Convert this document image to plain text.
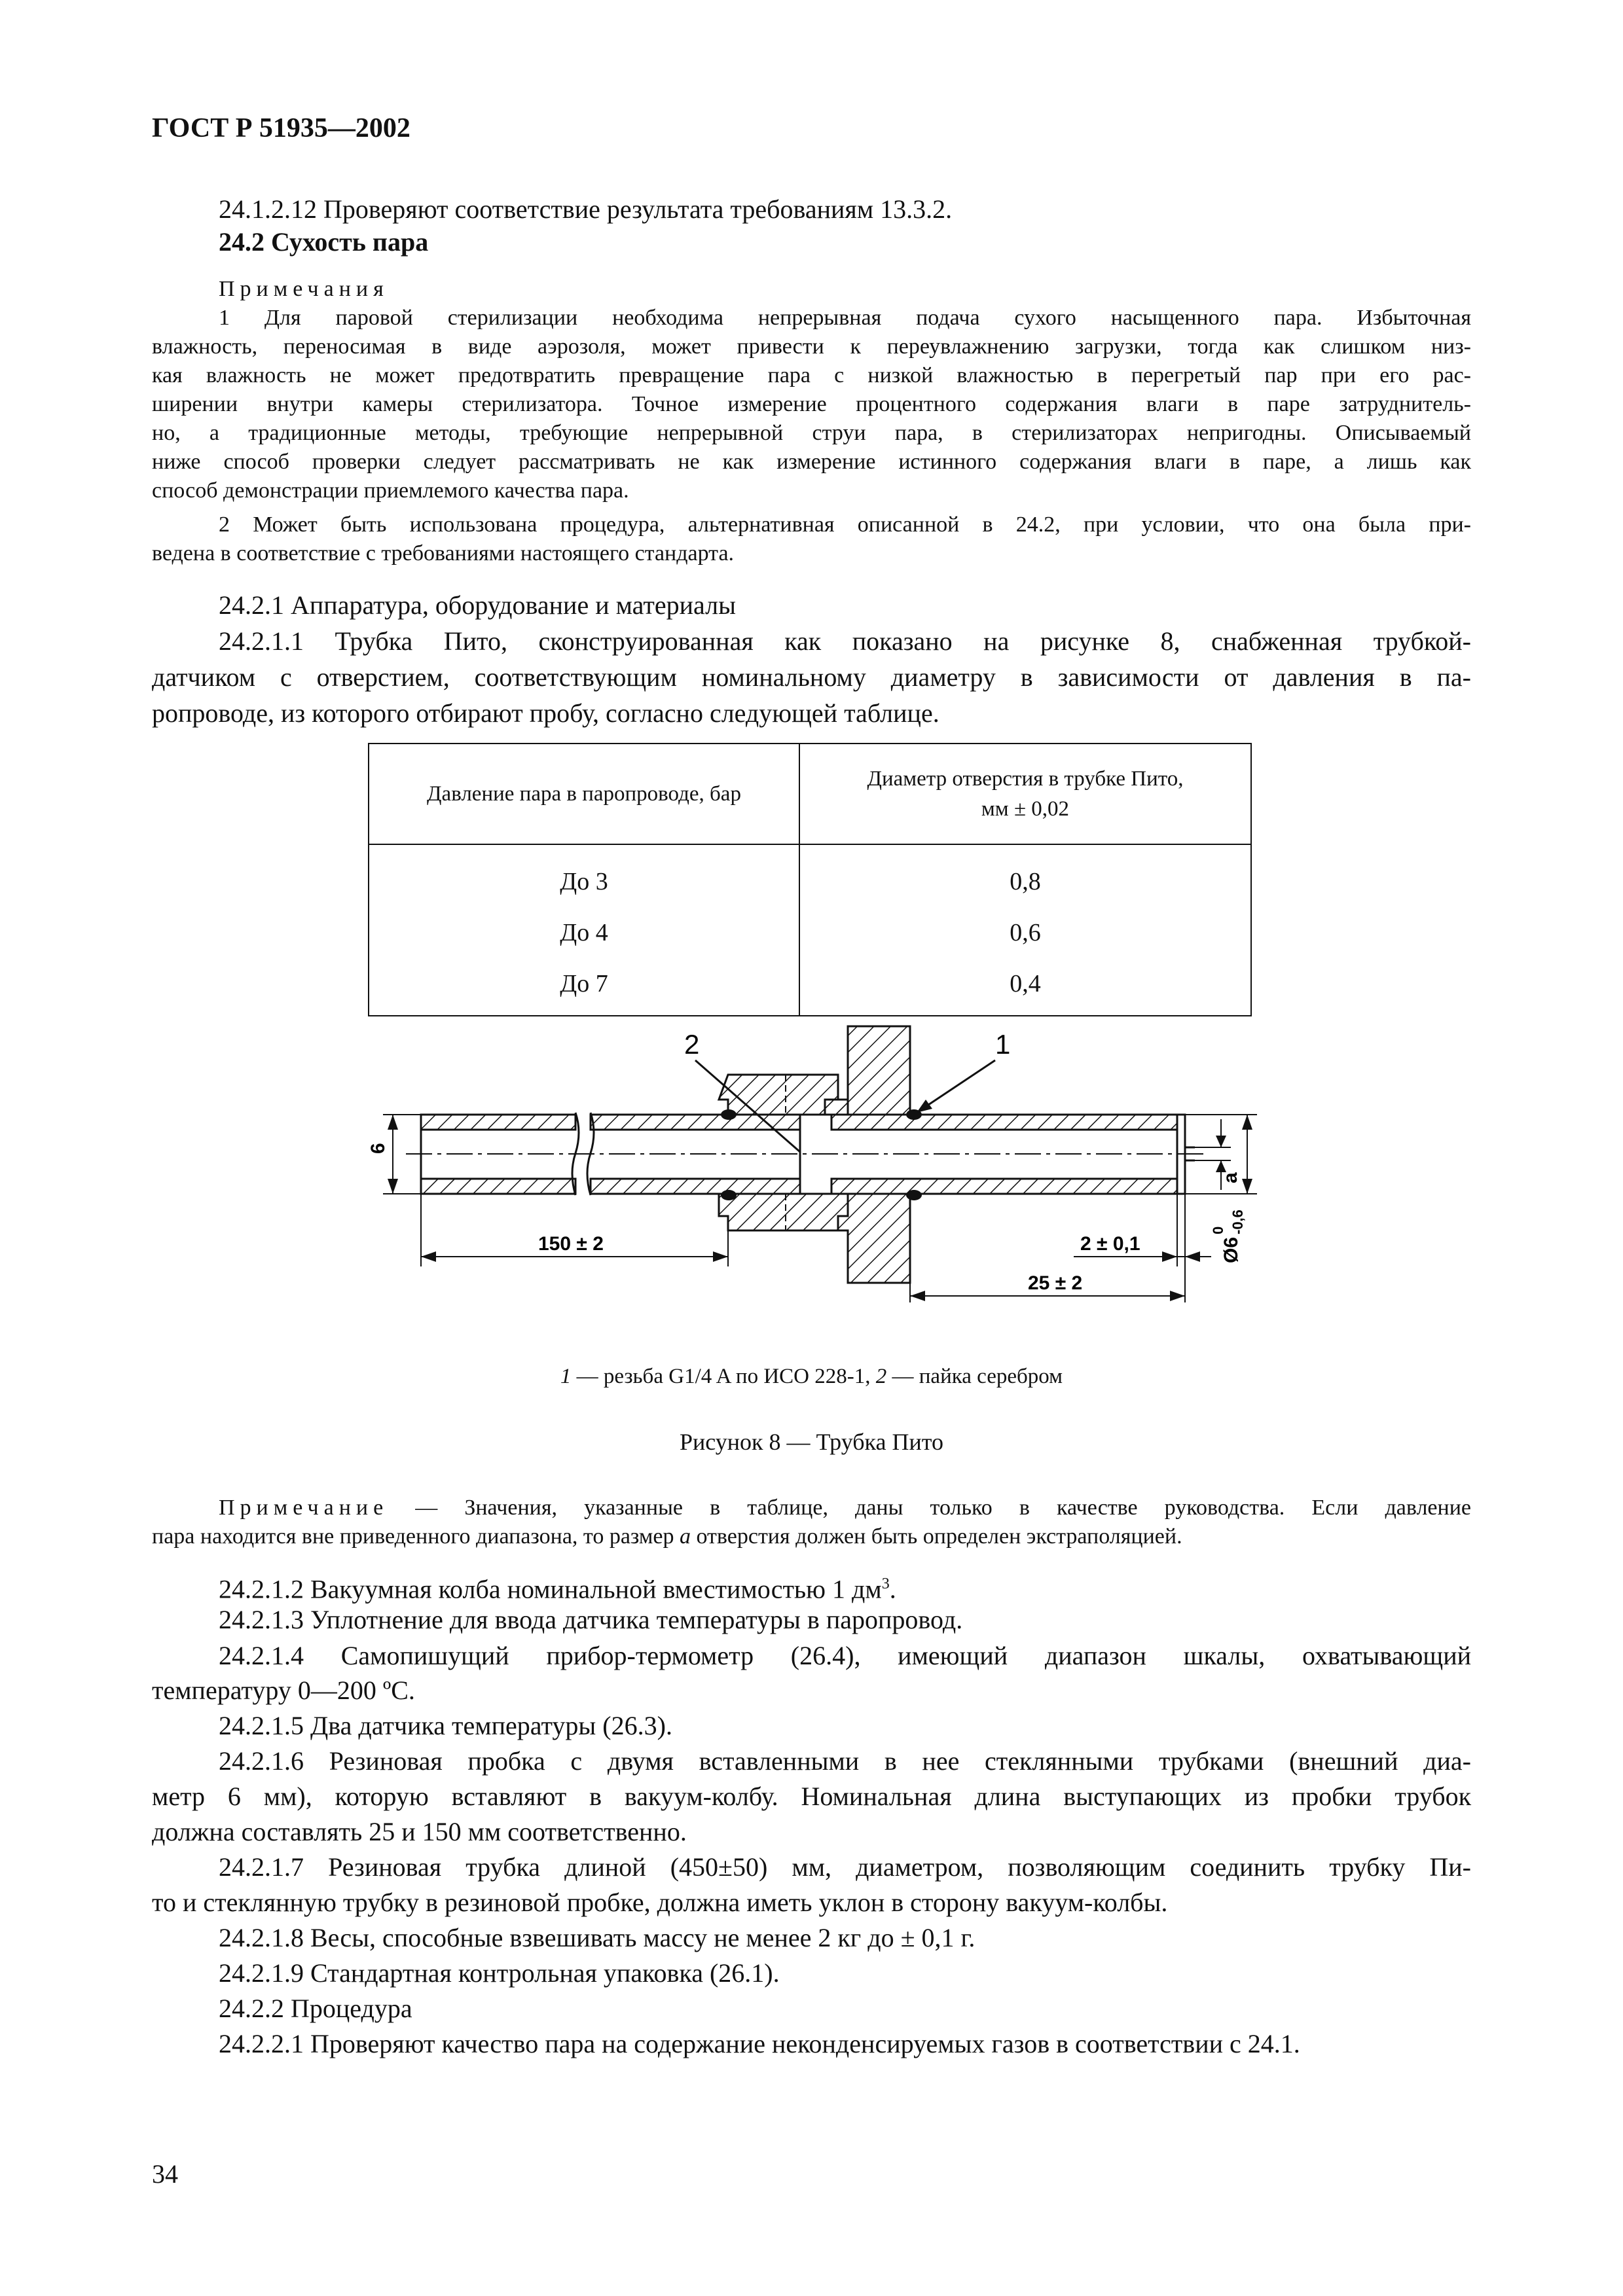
ГОСТ Р 51935—2002
24.1.2.12 Проверяют соответствие результата требованиям 13.3.2.
24.2 Сухость пара
Примечания
1 Для паровой стерилизации необходима непрерывная подача сухого насыщенного пара. Избыточная
влажность, переносимая в виде аэрозоля, может привести к переувлажнению загрузки, тогда как слишком низ-
кая влажность не может предотвратить превращение пара с низкой влажностью в перегретый пар при его рас-
ширении внутри камеры стерилизатора. Точное измерение процентного содержания влаги в паре затруднитель-
но, а традиционные методы, требующие непрерывной струи пара, в стерилизаторах непригодны. Описываемый
ниже способ проверки следует рассматривать не как измерение истинного содержания влаги в паре, а лишь как
способ демонстрации приемлемого качества пара.
2 Может быть использована процедура, альтернативная описанной в 24.2, при условии, что она была при-
ведена в соответствие с требованиями настоящего стандарта.
24.2.1 Аппаратура, оборудование и материалы
24.2.1.1 Трубка Пито, сконструированная как показано на рисунке 8, снабженная трубкой-
датчиком с отверстием, соответствующим номинальному диаметру в зависимости от давления в па-
ропроводе, из которого отбирают пробу, согласно следующей таблице.
Давление пара в паропроводе, бар	Диаметр отверстия в трубке Пито,
мм ± 0,02
До 3	0,8
До 4	0,6
До 7	0,4
2	1
6
150 ± 2	2 ± 0,1
25 ± 2
a
Ø6
0 -0,6
1 — резьба G1/4 A по ИСО 228-1, 2 — пайка серебром
Рисунок 8 — Трубка Пито
Примечание — Значения, указанные в таблице, даны только в качестве руководства. Если давление
пара находится вне приведенного диапазона, то размер a отверстия должен быть определен экстраполяцией.
24.2.1.2 Вакуумная колба номинальной вместимостью 1 $дм^3$.
24.2.1.3 Уплотнение для ввода датчика температуры в паропровод.
24.2.1.4 Самопишущий прибор-термометр (26.4), имеющий диапазон шкалы, охватывающий
температуру 0—200 ºС.
24.2.1.5 Два датчика температуры (26.3).
24.2.1.6 Резиновая пробка с двумя вставленными в нее стеклянными трубками (внешний диа-
метр 6 мм), которую вставляют в вакуум-колбу. Номинальная длина выступающих из пробки трубок
должна составлять 25 и 150 мм соответственно.
24.2.1.7 Резиновая трубка длиной (450±50) мм, диаметром, позволяющим соединить трубку Пи-
то и стеклянную трубку в резиновой пробке, должна иметь уклон в сторону вакуум-колбы.
24.2.1.8 Весы, способные взвешивать массу не менее 2 кг до ± 0,1 г.
24.2.1.9 Стандартная контрольная упаковка (26.1).
24.2.2 Процедура
24.2.2.1 Проверяют качество пара на содержание неконденсируемых газов в соответствии с 24.1.
34
